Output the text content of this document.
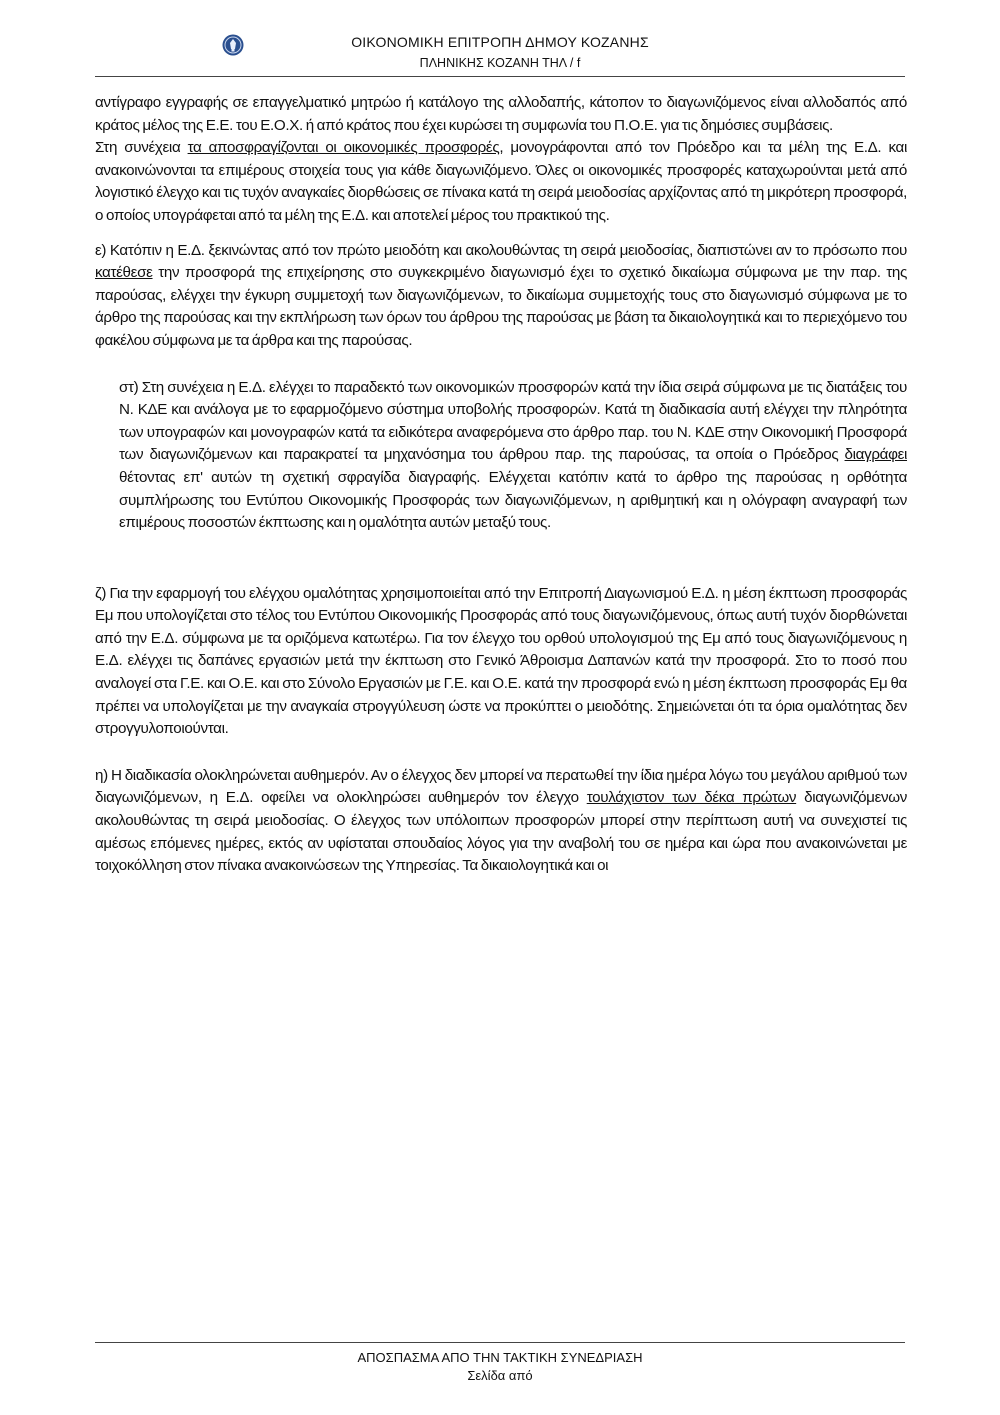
ΟΙΚΟΝΟΜΙΚΗ ΕΠΙΤΡΟΠΗ ΔΗΜΟΥ ΚΟΖΑΝΗΣ
ΠΛΗΝΙΚΗΣ ΚΟΖΑΝΗ ΤΗΛ / f

αντίγραφο εγγραφής σε επαγγελματικό μητρώο ή κατάλογο της αλλοδαπής, κάτοπον το διαγωνιζόμενος είναι αλλοδαπός από κράτος μέλος της Ε.Ε. του Ε.Ο.Χ. ή από κράτος που έχει κυρώσει τη συμφωνία του Π.Ο.Ε. για τις δημόσιες συμβάσεις.
Στη συνέχεια τα αποσφραγίζονται οι οικονομικές προσφορές, μονογράφονται από τον Πρόεδρο και τα μέλη της Ε.Δ. και ανακοινώνονται τα επιμέρους στοιχεία τους για κάθε διαγωνιζόμενο. Όλες οι οικονομικές προσφορές καταχωρούνται μετά από λογιστικό έλεγχο και τις τυχόν αναγκαίες διορθώσεις σε πίνακα κατά τη σειρά μειοδοσίας αρχίζοντας από τη μικρότερη προσφορά, ο οποίος υπογράφεται από τα μέλη της Ε.Δ. και αποτελεί μέρος του πρακτικού της.

ε) Κατόπιν η Ε.Δ. ξεκινώντας από τον πρώτο μειοδότη και ακολουθώντας τη σειρά μειοδοσίας, διαπιστώνει αν το πρόσωπο που κατέθεσε την προσφορά της επιχείρησης στο συγκεκριμένο διαγωνισμό έχει το σχετικό δικαίωμα σύμφωνα με την παρ. της παρούσας, ελέγχει την έγκυρη συμμετοχή των διαγωνιζόμενων, το δικαίωμα συμμετοχής τους στο διαγωνισμό σύμφωνα με το άρθρο της παρούσας και την εκπλήρωση των όρων του άρθρου της παρούσας με βάση τα δικαιολογητικά και το περιεχόμενο του φακέλου σύμφωνα με τα άρθρα και της παρούσας.

στ) Στη συνέχεια η Ε.Δ. ελέγχει το παραδεκτό των οικονομικών προσφορών κατά την ίδια σειρά σύμφωνα με τις διατάξεις του Ν. ΚΔΕ και ανάλογα με το εφαρμοζόμενο σύστημα υποβολής προσφορών. Κατά τη διαδικασία αυτή ελέγχει την πληρότητα των υπογραφών και μονογραφών κατά τα ειδικότερα αναφερόμενα στο άρθρο παρ. του Ν. ΚΔΕ στην Οικονομική Προσφορά των διαγωνιζόμενων και παρακρατεί τα μηχανόσημα του άρθρου παρ. της παρούσας, τα οποία ο Πρόεδρος διαγράφει θέτοντας επ' αυτών τη σχετική σφραγίδα διαγραφής. Ελέγχεται κατόπιν κατά το άρθρο της παρούσας η ορθότητα συμπλήρωσης του Εντύπου Οικονομικής Προσφοράς των διαγωνιζόμενων, η αριθμητική και η ολόγραφη αναγραφή των επιμέρους ποσοστών έκπτωσης και η ομαλότητα αυτών μεταξύ τους.

ζ) Για την εφαρμογή του ελέγχου ομαλότητας χρησιμοποιείται από την Επιτροπή Διαγωνισμού Ε.Δ. η μέση έκπτωση προσφοράς Εμ που υπολογίζεται στο τέλος του Εντύπου Οικονομικής Προσφοράς από τους διαγωνιζόμενους, όπως αυτή τυχόν διορθώνεται από την Ε.Δ. σύμφωνα με τα οριζόμενα κατωτέρω. Για τον έλεγχο του ορθού υπολογισμού της Εμ από τους διαγωνιζόμενους η Ε.Δ. ελέγχει τις δαπάνες εργασιών μετά την έκπτωση στο Γενικό Άθροισμα Δαπανών κατά την προσφορά. Στο το ποσό που αναλογεί στα Γ.Ε. και Ο.Ε. και στο Σύνολο Εργασιών με Γ.Ε. και Ο.Ε. κατά την προσφορά ενώ η μέση έκπτωση προσφοράς Εμ θα πρέπει να υπολογίζεται με την αναγκαία στρογγύλευση ώστε να προκύπτει ο μειοδότης. Σημειώνεται ότι τα όρια ομαλότητας δεν στρογγυλοποιούνται.

η) Η διαδικασία ολοκληρώνεται αυθημερόν. Αν ο έλεγχος δεν μπορεί να περατωθεί την ίδια ημέρα λόγω του μεγάλου αριθμού των διαγωνιζόμενων, η Ε.Δ. οφείλει να ολοκληρώσει αυθημερόν τον έλεγχο τουλάχιστον των δέκα πρώτων διαγωνιζόμενων ακολουθώντας τη σειρά μειοδοσίας. Ο έλεγχος των υπόλοιπων προσφορών μπορεί στην περίπτωση αυτή να συνεχιστεί τις αμέσως επόμενες ημέρες, εκτός αν υφίσταται σπουδαίος λόγος για την αναβολή του σε ημέρα και ώρα που ανακοινώνεται με τοιχοκόλληση στον πίνακα ανακοινώσεων της Υπηρεσίας. Τα δικαιολογητικά και οι

ΑΠΟΣΠΑΣΜΑ ΑΠΟ ΤΗΝ ΤΑΚΤΙΚΗ ΣΥΝΕΔΡΙΑΣΗ
Σελίδα από
